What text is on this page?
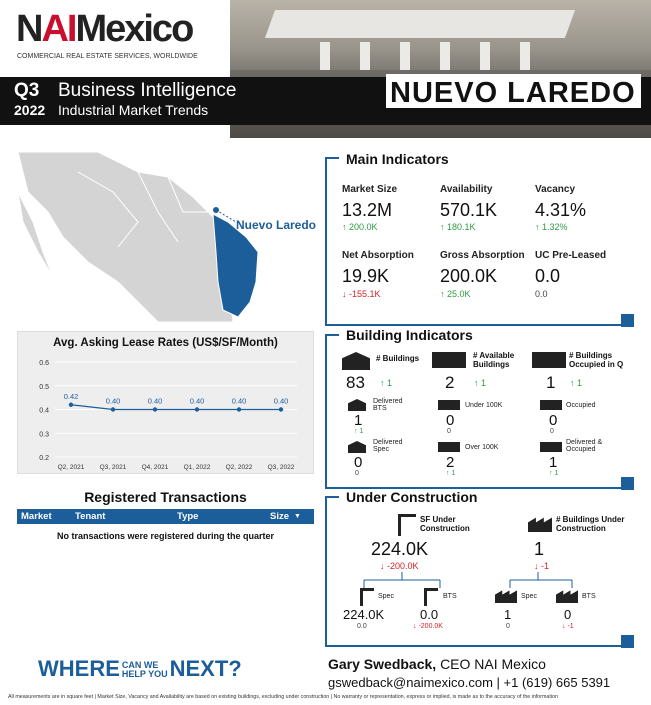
NAIMexico
COMMERCIAL REAL ESTATE SERVICES, WORLDWIDE
Q3 Business Intelligence
2022 Industrial Market Trends
NUEVO LAREDO
Nuevo Laredo
Avg. Asking Lease Rates (US$/SF/Month)
0.6
0.5
0.4
0.3
0.2
Q2, 2021 Q3, 2021 Q4, 2021 Q1, 2022 Q2, 2022 Q3, 2022
0.42
0.40	0.40	0.40	0.40	0.40
Registered Transactions
Market Tenant	Type	Size ▼
No transactions were registered during the quarter
Main Indicators
Market Size
13.2M
↑ 200.0K
Availability
570.1K
↑ 180.1K
Vacancy
4.31%
↑ 1.32%
Net Absorption
19.9K
↓ -155.1K
Gross Absorption
200.0K
↑ 25.0K
UC Pre-Leased
0.0
0.0
Building Indicators
# Buildings
83 ↑ 1
# Available Buildings
2 ↑ 1
# Buildings Occupied in Q
1 ↑ 1
Delivered BTS
1
↑ 1
Under 100K
0
0
Occupied
0
0
Delivered Spec
0
0
Over 100K
2
↑ 1
Delivered & Occupied
1
↑ 1
Under Construction
SF Under Construction
224.0K
↓ -200.0K
# Buildings Under Construction
1
↓ -1
Spec
224.0K
0.0
BTS
0.0
↓ -200.0K
Spec
1
0
BTS
0
↓ -1
WHERE CAN WE
HELP YOUNEXT?	Gary Swedback, CEO NAI Mexico
gswedback@naimexico.com | +1 (619) 665 5391
All measurements are in square feet | Market Size, Vacancy and Availability are based on existing buildings, excluding under construction | No warranty or representation, express or implied, is made as to the accuracy of the information
